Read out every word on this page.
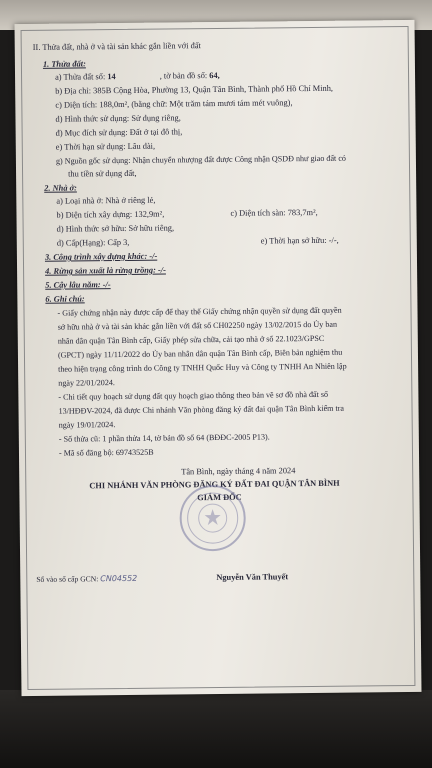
II. Thửa đất, nhà ở và tài sản khác gắn liền với đất
1. Thửa đất:
a) Thửa đất số: 14	, tờ bản đồ số: 64,
b) Địa chỉ: 385B Cộng Hòa, Phường 13, Quận Tân Bình, Thành phố Hồ Chí Minh,
c) Diện tích: 188,0m², (bằng chữ: Một trăm tám mươi tám mét vuông),
d) Hình thức sử dụng: Sử dụng riêng,
đ) Mục đích sử dụng: Đất ở tại đô thị,
e) Thời hạn sử dụng: Lâu dài,
g) Nguồn gốc sử dụng: Nhận chuyển nhượng đất được Công nhận QSDĐ như giao đất có
thu tiền sử dụng đất,
2. Nhà ở:
a) Loại nhà ở: Nhà ở riêng lẻ,
b) Diện tích xây dựng: 132,9m²,	c) Diện tích sàn: 783,7m²,
d) Hình thức sở hữu: Sở hữu riêng,
d) Cấp(Hạng): Cấp 3,	e) Thời hạn sở hữu: -/-,
3. Công trình xây dựng khác: -/-
4. Rừng sản xuất là rừng trồng: -/-
5. Cây lâu năm: -/-
6. Ghi chú:
- Giấy chứng nhận này được cấp để thay thế Giấy chứng nhận quyền sử dụng đất quyền
sở hữu nhà ở và tài sản khác gắn liền với đất số CH02250 ngày 13/02/2015 do Ủy ban
nhân dân quận Tân Bình cấp, Giấy phép sửa chữa, cải tạo nhà ở số 22.1023/GPSC
(GPCT) ngày 11/11/2022 do Ủy ban nhân dân quận Tân Bình cấp, Biên bản nghiệm thu
theo hiện trạng công trình do Công ty TNHH Quốc Huy và Công ty TNHH An Nhiên lập
ngày 22/01/2024.
- Chi tiết quy hoạch sử dụng đất quy hoạch giao thông theo bản vẽ sơ đồ nhà đất số
13/HĐĐV-2024, đã được Chi nhánh Văn phòng đăng ký đất đai quận Tân Bình kiểm tra
ngày 19/01/2024.
- Số thửa cũ: 1 phần thửa 14, tờ bản đồ số 64 (BĐĐC-2005 P13).
- Mã số đăng bộ: 69743525B
Tân Bình, ngày tháng 4 năm 2024
CHI NHÁNH VĂN PHÒNG ĐĂNG KÝ ĐẤT ĐAI QUẬN TÂN BÌNH
GIÁM ĐỐC
Số vào sổ cấp GCN: CN04552	Nguyễn Văn Thuyết
